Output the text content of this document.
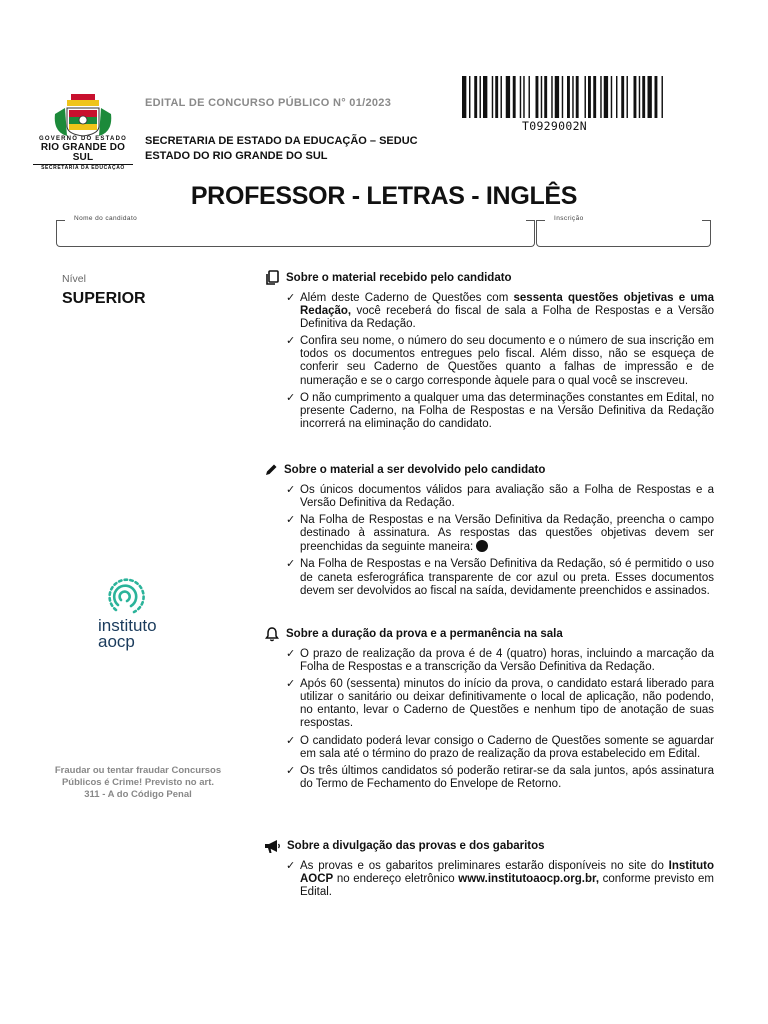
GOVERNO DO ESTADO
RIO GRANDE DO SUL
SECRETARIA DA EDUCAÇÃO
EDITAL DE CONCURSO PÚBLICO N° 01/2023
SECRETARIA DE ESTADO DA EDUCAÇÃO – SEDUC
ESTADO DO RIO GRANDE DO SUL
T0929002N
PROFESSOR - LETRAS - INGLÊS
Nome do candidato	Inscrição
Nível
SUPERIOR
instituto
aocp
Fraudar ou tentar fraudar Concursos Públicos é Crime! Previsto no art. 311 - A do Código Penal
Sobre o material recebido pelo candidato
✓ Além deste Caderno de Questões com sessenta questões objetivas e uma Redação, você receberá do fiscal de sala a Folha de Respostas e a Versão Definitiva da Redação.
✓ Confira seu nome, o número do seu documento e o número de sua inscrição em todos os documentos entregues pelo fiscal. Além disso, não se esqueça de conferir seu Caderno de Questões quanto a falhas de impressão e de numeração e se o cargo corresponde àquele para o qual você se inscreveu.
✓ O não cumprimento a qualquer uma das determinações constantes em Edital, no presente Caderno, na Folha de Respostas e na Versão Definitiva da Redação incorrerá na eliminação do candidato.
Sobre o material a ser devolvido pelo candidato
✓ Os únicos documentos válidos para avaliação são a Folha de Respostas e a Versão Definitiva da Redação.
✓ Na Folha de Respostas e na Versão Definitiva da Redação, preencha o campo destinado à assinatura. As respostas das questões objetivas devem ser preenchidas da seguinte maneira:
✓ Na Folha de Respostas e na Versão Definitiva da Redação, só é permitido o uso de caneta esferográfica transparente de cor azul ou preta. Esses documentos devem ser devolvidos ao fiscal na saída, devidamente preenchidos e assinados.
Sobre a duração da prova e a permanência na sala
✓ O prazo de realização da prova é de 4 (quatro) horas, incluindo a marcação da Folha de Respostas e a transcrição da Versão Definitiva da Redação.
✓ Após 60 (sessenta) minutos do início da prova, o candidato estará liberado para utilizar o sanitário ou deixar definitivamente o local de aplicação, não podendo, no entanto, levar o Caderno de Questões e nenhum tipo de anotação de suas respostas.
✓ O candidato poderá levar consigo o Caderno de Questões somente se aguardar em sala até o término do prazo de realização da prova estabelecido em Edital.
✓ Os três últimos candidatos só poderão retirar-se da sala juntos, após assinatura do Termo de Fechamento do Envelope de Retorno.
Sobre a divulgação das provas e dos gabaritos
✓ As provas e os gabaritos preliminares estarão disponíveis no site do Instituto AOCP no endereço eletrônico www.institutoaocp.org.br, conforme previsto em Edital.
